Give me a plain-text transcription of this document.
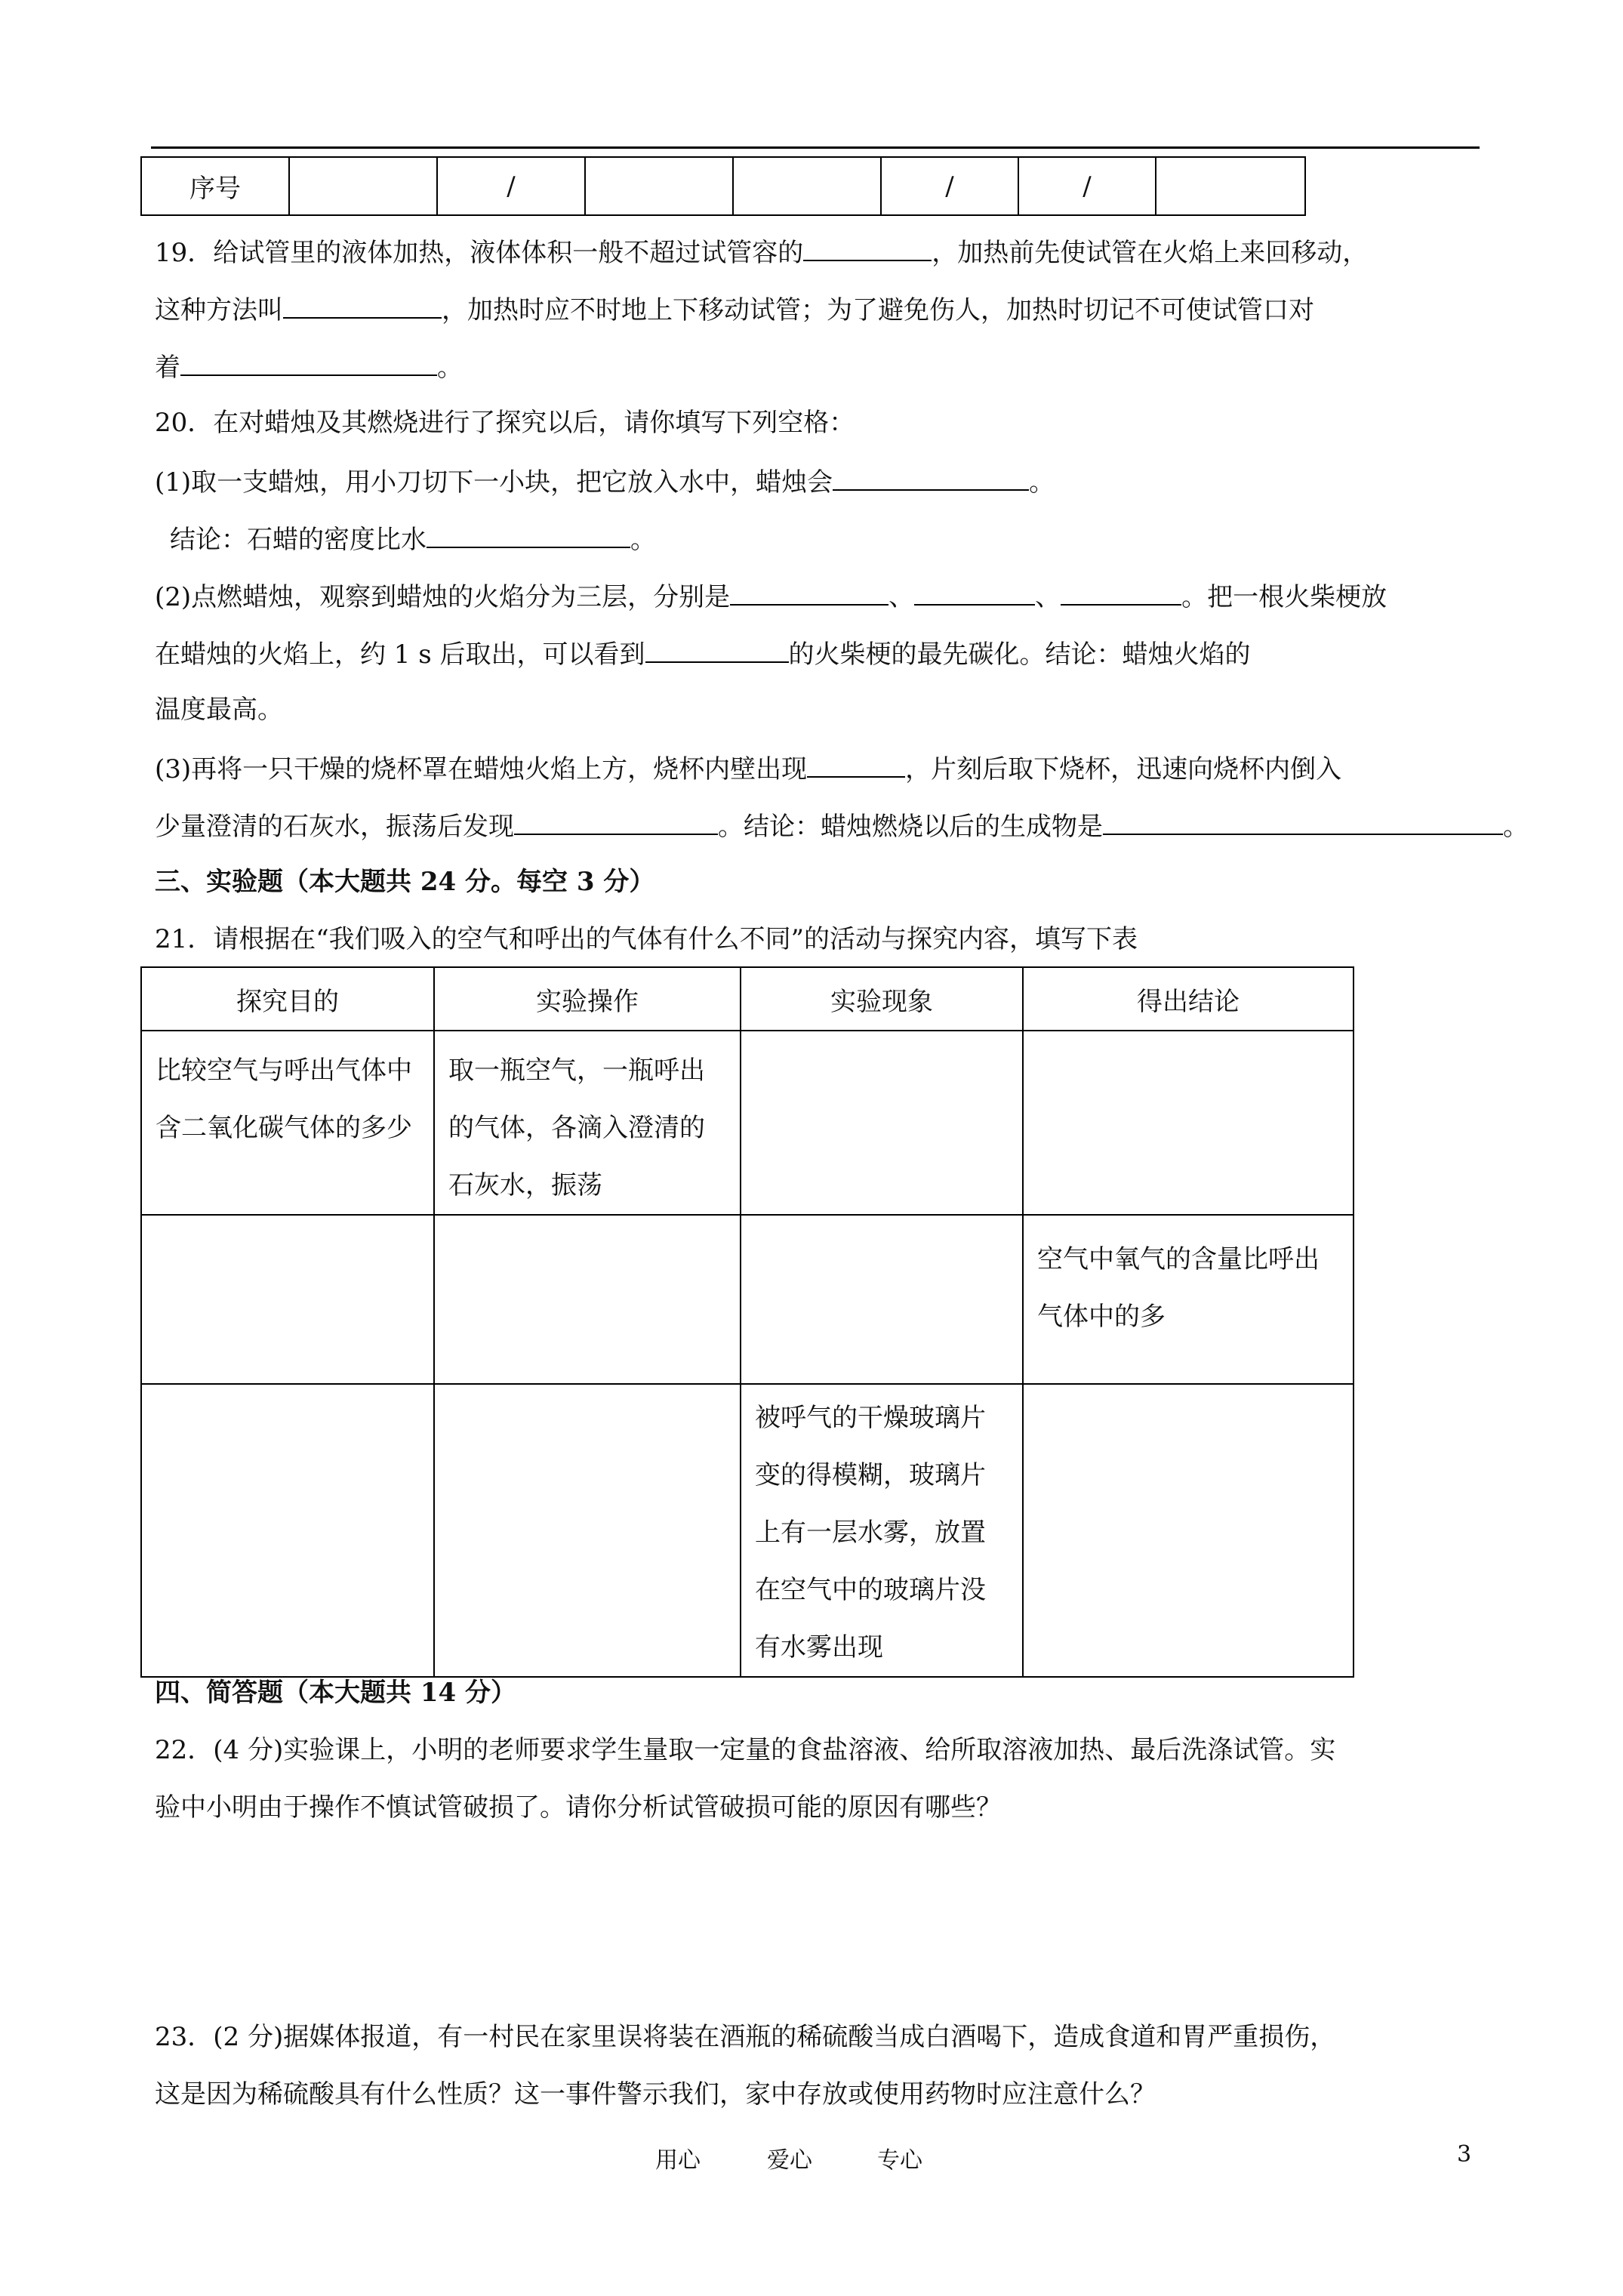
序号		/			/	/	
19．给试管里的液体加热，液体体积一般不超过试管容的	，加热前先使试管在火焰上来回移动，
这种方法叫	，加热时应不时地上下移动试管；为了避免伤人，加热时切记不可使试管口对
着	。
20．在对蜡烛及其燃烧进行了探究以后，请你填写下列空格：
(1)取一支蜡烛，用小刀切下一小块，把它放入水中，蜡烛会	。
结论：石蜡的密度比水	。
(2)点燃蜡烛，观察到蜡烛的火焰分为三层，分别是	、	、	。把一根火柴梗放
在蜡烛的火焰上，约 1 s 后取出，可以看到	的火柴梗的最先碳化。结论：蜡烛火焰的
温度最高。
(3)再将一只干燥的烧杯罩在蜡烛火焰上方，烧杯内壁出现	，片刻后取下烧杯，迅速向烧杯内倒入
少量澄清的石灰水，振荡后发现	。结论：蜡烛燃烧以后的生成物是	。
三、实验题（本大题共 24 分。每空 3 分）
21．请根据在“我们吸入的空气和呼出的气体有什么不同”的活动与探究内容，填写下表
探究目的	实验操作	实验现象	得出结论

比较空气与呼出气体中含二氧化碳气体的多少	取一瓶空气，一瓶呼出的气体，各滴入澄清的石灰水，振荡		

			空气中氧气的含量比呼出气体中的多

		被呼气的干燥玻璃片变的得模糊，玻璃片上有一层水雾，放置在空气中的玻璃片没有水雾出现	

四、简答题（本大题共 14 分）
22．(4 分)实验课上，小明的老师要求学生量取一定量的食盐溶液、给所取溶液加热、最后洗涤试管。实
验中小明由于操作不慎试管破损了。请你分析试管破损可能的原因有哪些？
23．(2 分)据媒体报道，有一村民在家里误将装在酒瓶的稀硫酸当成白酒喝下，造成食道和胃严重损伤，
这是因为稀硫酸具有什么性质？这一事件警示我们，家中存放或使用药物时应注意什么？
用心	爱心	专心	3
